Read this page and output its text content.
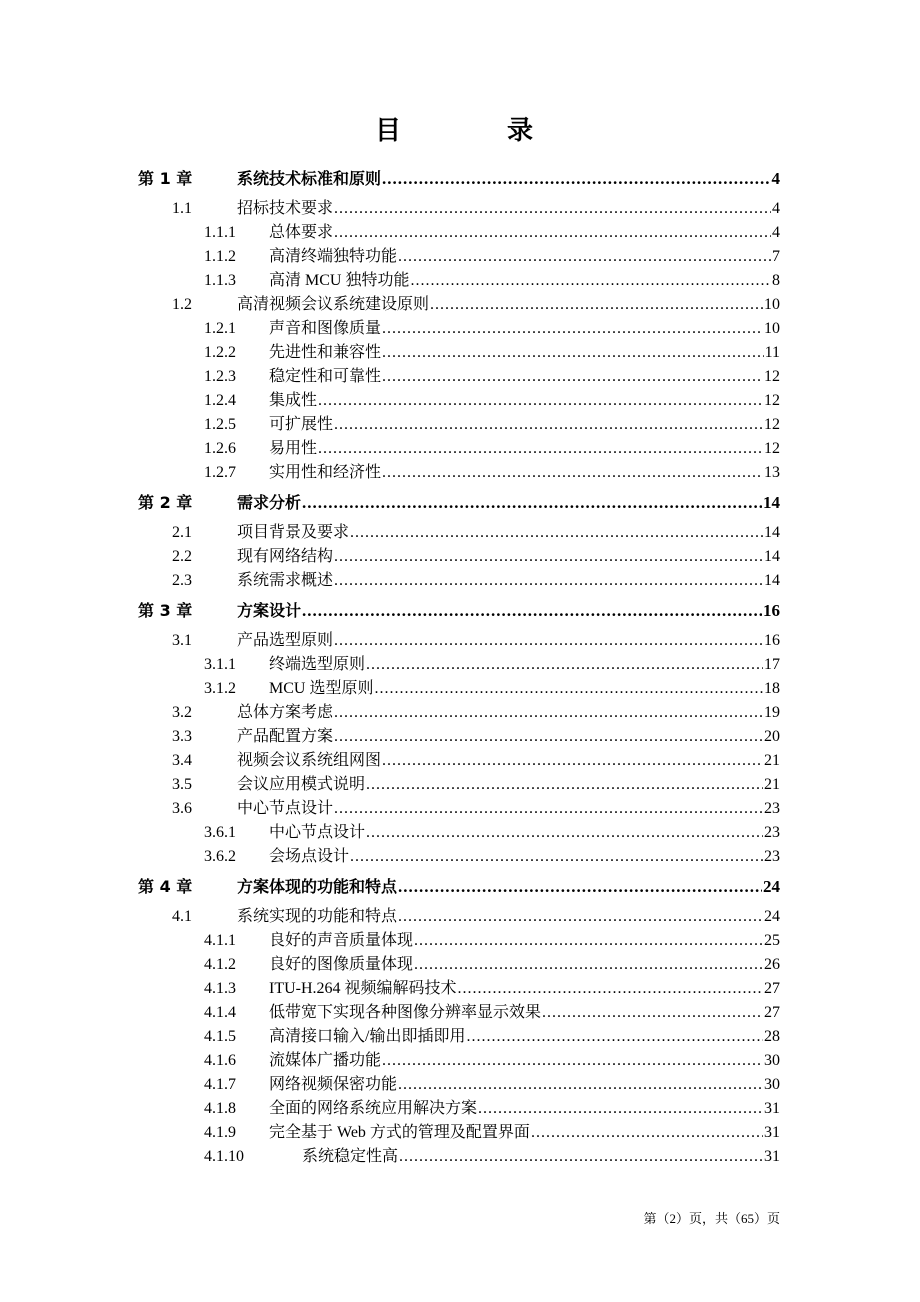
目　录
第 1 章	系统技术标准和原则 .....	4
1.1	招标技术要求 .....	4
1.1.1 总体要求 .....	4
1.1.2 高清终端独特功能 .....	7
1.1.3 高清 MCU 独特功能 .....	8
1.2	高清视频会议系统建设原则 .....	10
1.2.1 声音和图像质量 .....	10
1.2.2 先进性和兼容性 .....	11
1.2.3 稳定性和可靠性 .....	12
1.2.4 集成性 .....	12
1.2.5 可扩展性 .....	12
1.2.6 易用性 .....	12
1.2.7 实用性和经济性 .....	13
第 2 章	需求分析 .....	14
2.1	项目背景及要求 .....	14
2.2	现有网络结构 .....	14
2.3	系统需求概述 .....	14
第 3 章	方案设计 .....	16
3.1	产品选型原则 .....	16
3.1.1 终端选型原则 .....	17
3.1.2 MCU 选型原则 .....	18
3.2	总体方案考虑 .....	19
3.3	产品配置方案 .....	20
3.4	视频会议系统组网图 .....	21
3.5	会议应用模式说明 .....	21
3.6	中心节点设计 .....	23
3.6.1 中心节点设计 .....	23
3.6.2 会场点设计 .....	23
第 4 章	方案体现的功能和特点 .....	24
4.1	系统实现的功能和特点 .....	24
4.1.1 良好的声音质量体现 .....	25
4.1.2 良好的图像质量体现 .....	26
4.1.3 ITU-H.264 视频编解码技术 .....	27
4.1.4 低带宽下实现各种图像分辨率显示效果 .....	27
4.1.5 高清接口输入/输出即插即用 .....	28
4.1.6 流媒体广播功能 .....	30
4.1.7 网络视频保密功能 .....	30
4.1.8 全面的网络系统应用解决方案 .....	31
4.1.9 完全基于 Web 方式的管理及配置界面 .....	31
4.1.10	系统稳定性高 .....	31
第（2）页，共（65）页
